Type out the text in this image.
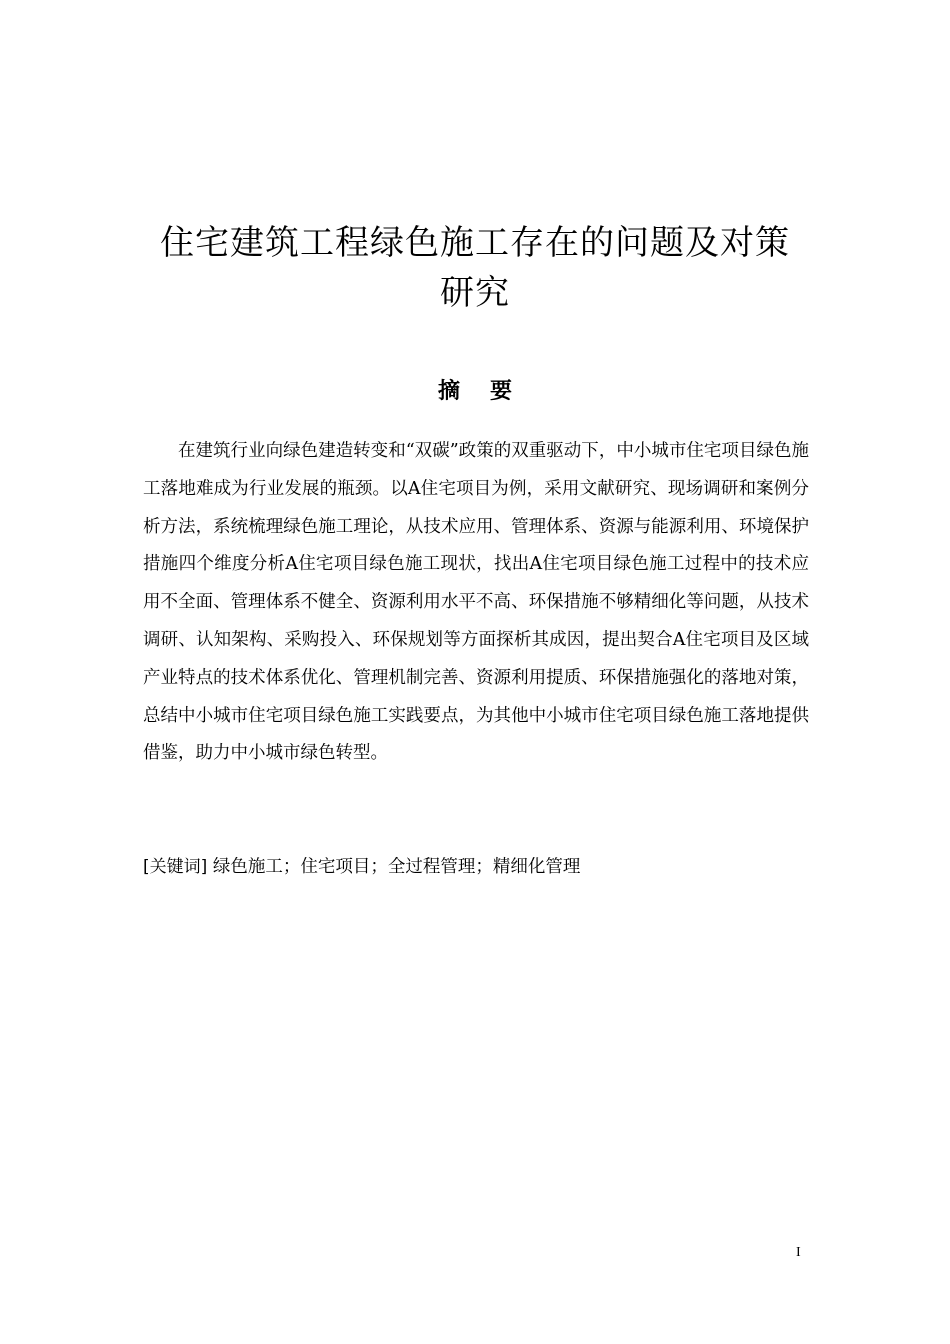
住宅建筑工程绿色施工存在的问题及对策
研究
摘 要

在建筑行业向绿色建造转变和“双碳”政策的双重驱动下，中小城市住宅项目绿色施工落地难成为行业发展的瓶颈。以A住宅项目为例，采用文献研究、现场调研和案例分析方法，系统梳理绿色施工理论，从技术应用、管理体系、资源与能源利用、环境保护措施四个维度分析A住宅项目绿色施工现状，找出A住宅项目绿色施工过程中的技术应用不全面、管理体系不健全、资源利用水平不高、环保措施不够精细化等问题，从技术调研、认知架构、采购投入、环保规划等方面探析其成因，提出契合A住宅项目及区域产业特点的技术体系优化、管理机制完善、资源利用提质、环保措施强化的落地对策，总结中小城市住宅项目绿色施工实践要点，为其他中小城市住宅项目绿色施工落地提供借鉴，助力中小城市绿色转型。

[关键词] 绿色施工；住宅项目；全过程管理；精细化管理

I
